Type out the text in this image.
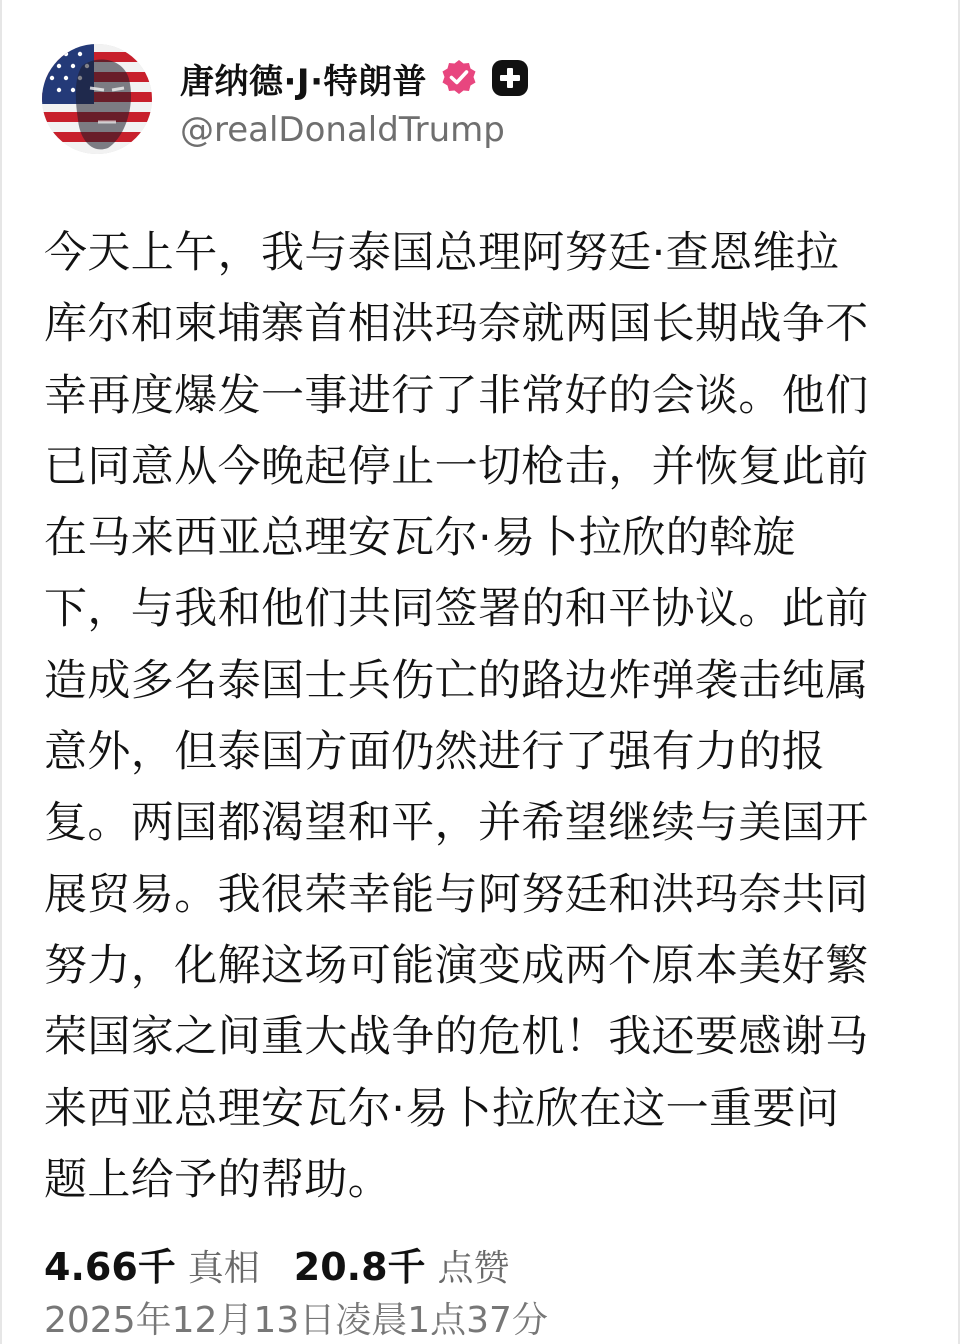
唐纳德·J·特朗普
@realDonaldTrump
今天上午，我与泰国总理阿努廷·查恩维拉
库尔和柬埔寨首相洪玛奈就两国长期战争不
幸再度爆发一事进行了非常好的会谈。他们
已同意从今晚起停止一切枪击，并恢复此前
在马来西亚总理安瓦尔·易卜拉欣的斡旋
下，与我和他们共同签署的和平协议。此前
造成多名泰国士兵伤亡的路边炸弹袭击纯属
意外，但泰国方面仍然进行了强有力的报
复。两国都渴望和平，并希望继续与美国开
展贸易。我很荣幸能与阿努廷和洪玛奈共同
努力，化解这场可能演变成两个原本美好繁
荣国家之间重大战争的危机！我还要感谢马
来西亚总理安瓦尔·易卜拉欣在这一重要问
题上给予的帮助。
4.66千 真相 20.8千 点赞
2025年12月13日凌晨1点37分
